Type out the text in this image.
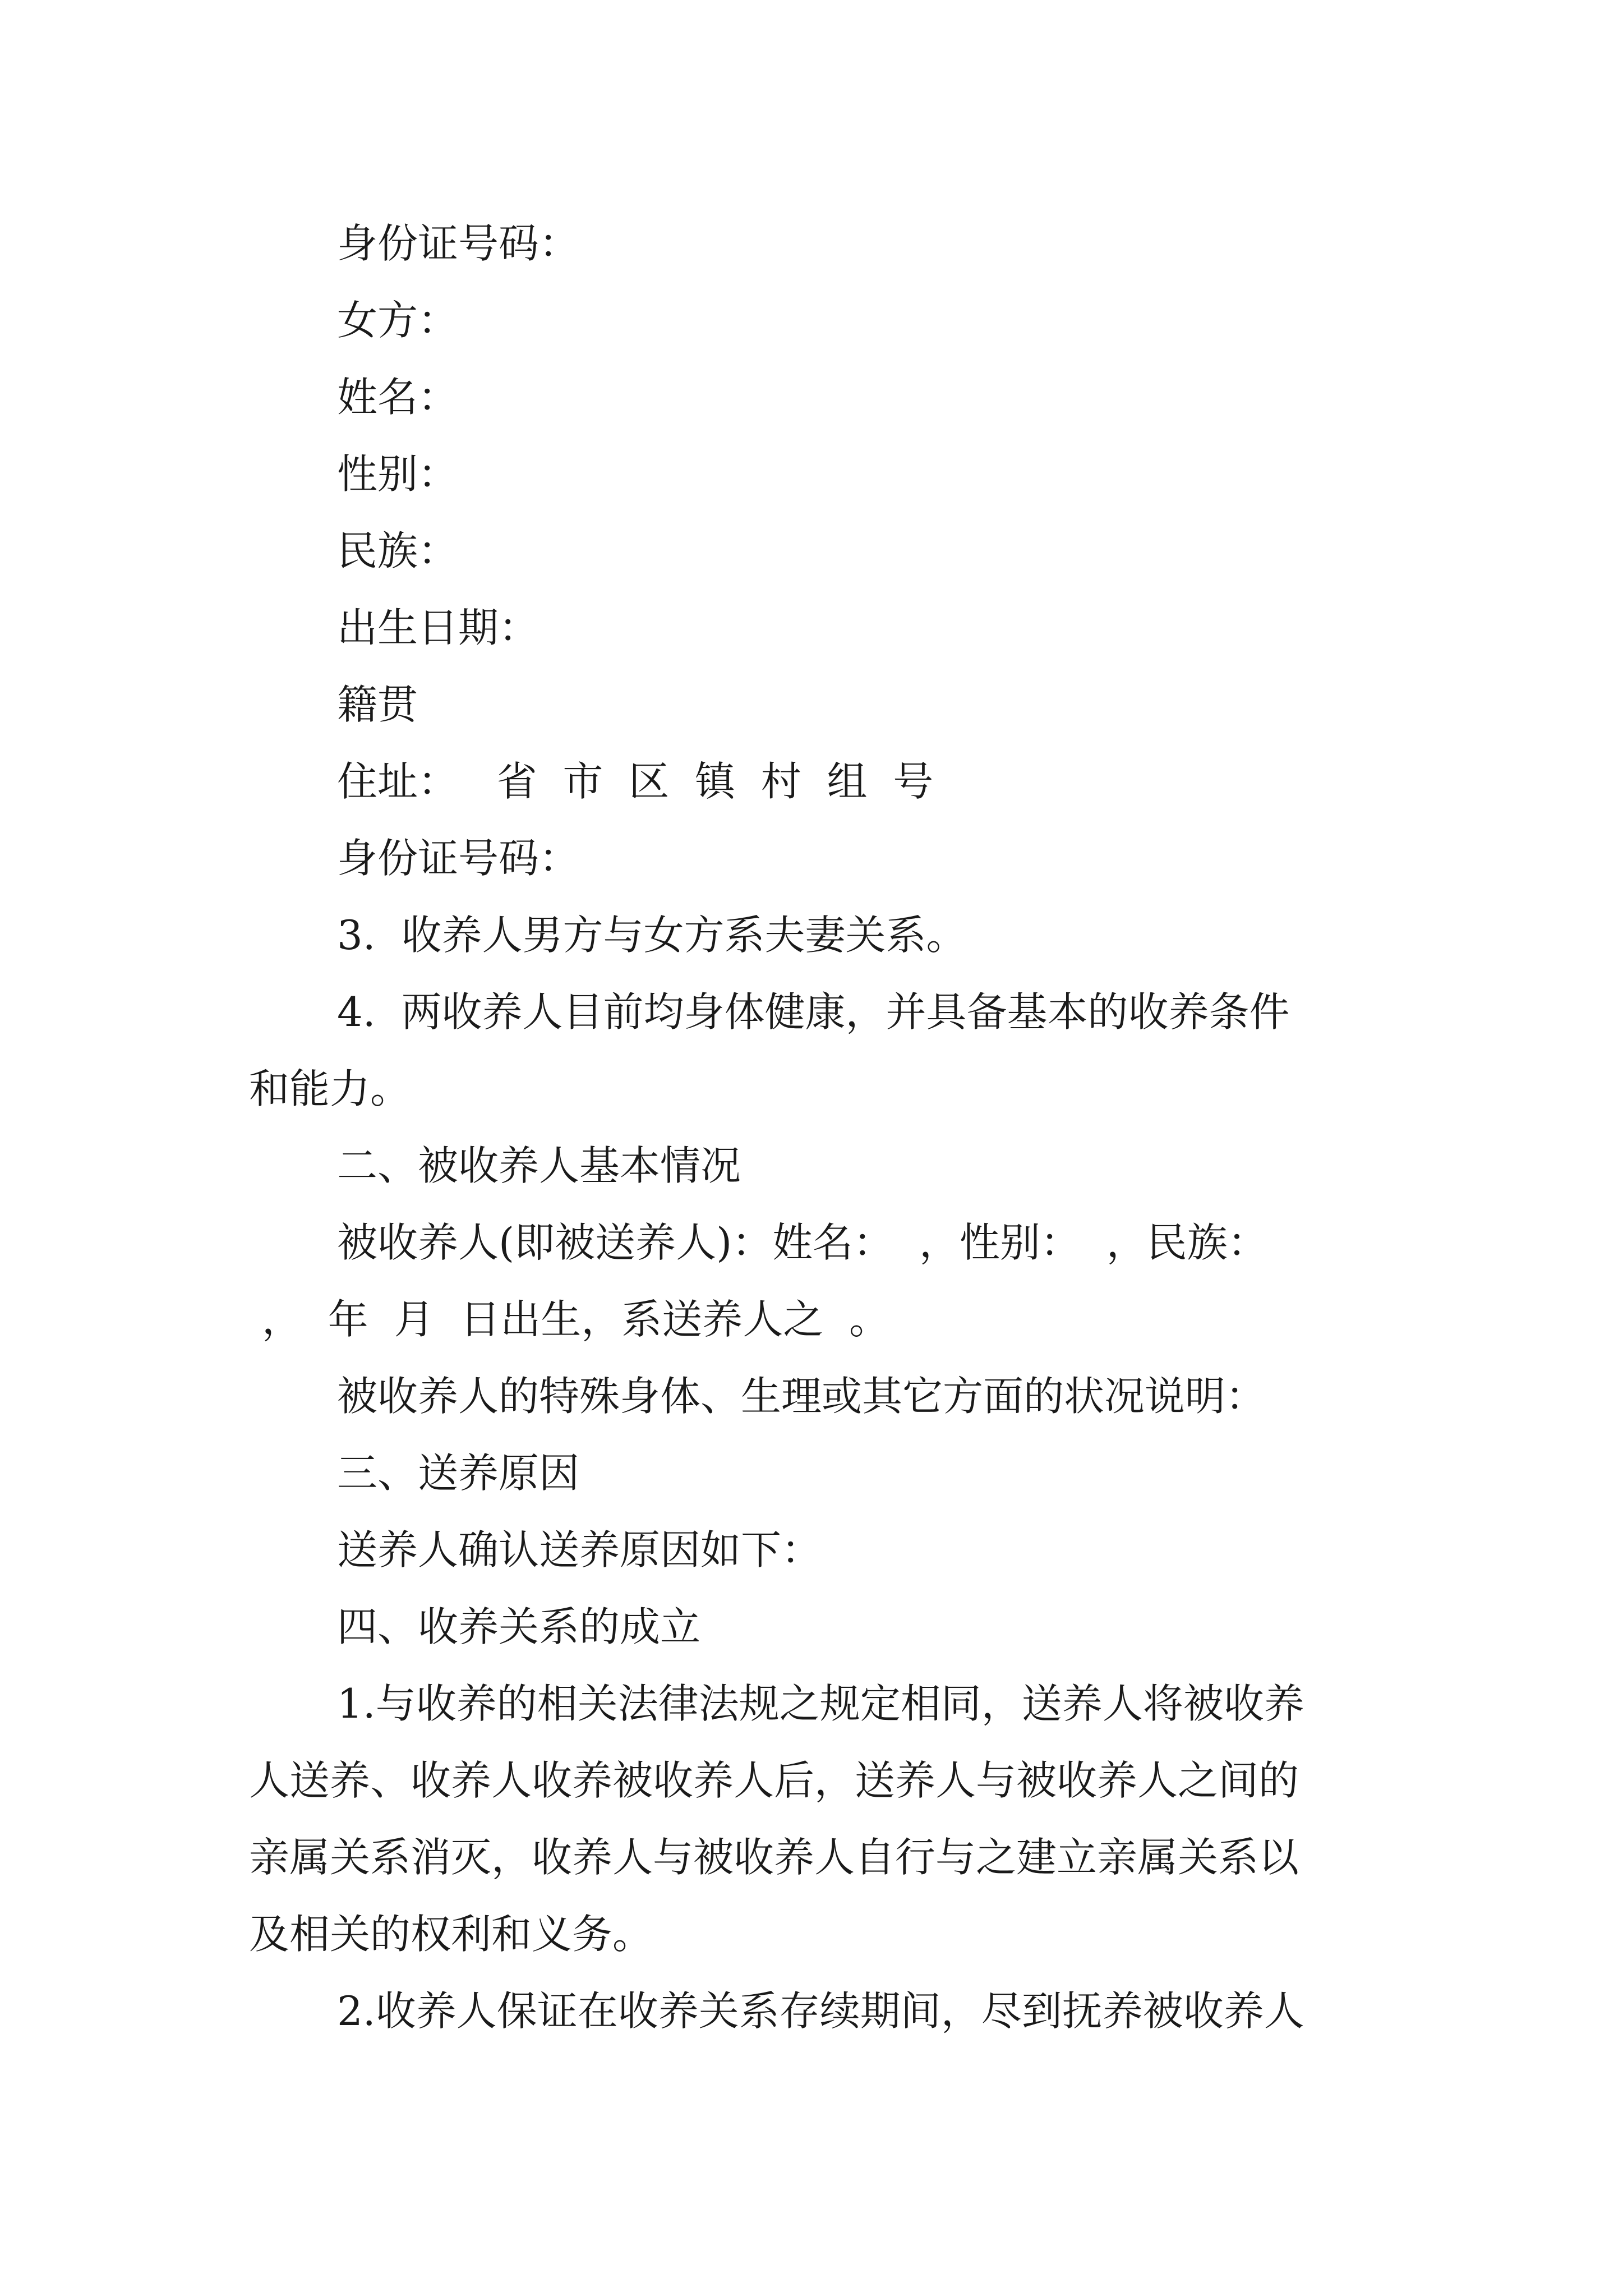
身份证号码：

女方：

姓名：

性别：

民族：

出生日期：

籍贯

住址：   省  市  区  镇  村  组  号

身份证号码：

3.  收养人男方与女方系夫妻关系。

4.  两收养人目前均身体健康，并具备基本的收养条件

和能力。

二、被收养人基本情况

被收养人(即被送养人)：姓名：  ，性别：  ，民族：

，  年  月  日出生，系送养人之  。

被收养人的特殊身体、生理或其它方面的状况说明：

三、送养原因

送养人确认送养原因如下：

四、收养关系的成立

1.与收养的相关法律法规之规定相同，送养人将被收养

人送养、收养人收养被收养人后，送养人与被收养人之间的

亲属关系消灭，收养人与被收养人自行与之建立亲属关系以

及相关的权利和义务。

2.收养人保证在收养关系存续期间，尽到抚养被收养人
